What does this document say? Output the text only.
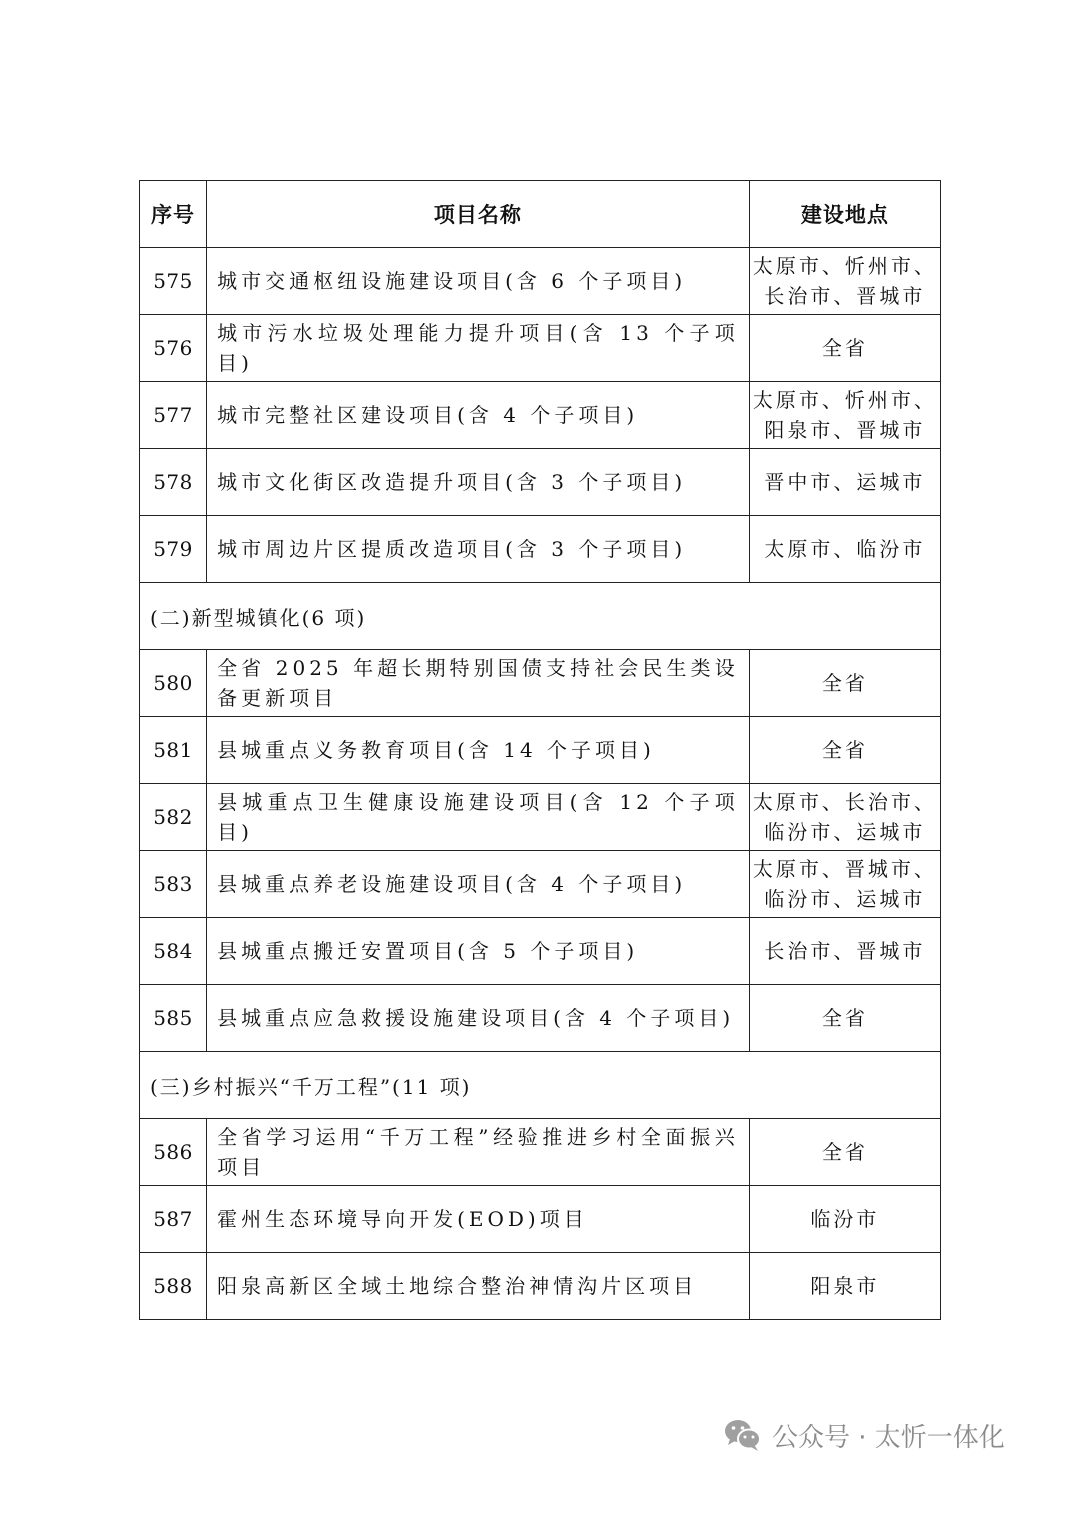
序号	项目名称	建设地点
575	城市交通枢纽设施建设项目(含 6 个子项目)	太原市、忻州市、长治市、晋城市
576	城市污水垃圾处理能力提升项目(含 13 个子项目)	全省
577	城市完整社区建设项目(含 4 个子项目)	太原市、忻州市、阳泉市、晋城市
578	城市文化街区改造提升项目(含 3 个子项目)	晋中市、运城市
579	城市周边片区提质改造项目(含 3 个子项目)	太原市、临汾市
(二)新型城镇化(6 项)		
580	全省 2025 年超长期特别国债支持社会民生类设备更新项目	全省
581	县城重点义务教育项目(含 14 个子项目)	全省
582	县城重点卫生健康设施建设项目(含 12 个子项目)	太原市、长治市、临汾市、运城市
583	县城重点养老设施建设项目(含 4 个子项目)	太原市、晋城市、临汾市、运城市
584	县城重点搬迁安置项目(含 5 个子项目)	长治市、晋城市
585	县城重点应急救援设施建设项目(含 4 个子项目)	全省
(三)乡村振兴“千万工程”(11 项)		
586	全省学习运用“千万工程”经验推进乡村全面振兴项目	全省
587	霍州生态环境导向开发(EOD)项目	临汾市
588	阳泉高新区全域土地综合整治神情沟片区项目	阳泉市
公众号 · 太忻一体化
